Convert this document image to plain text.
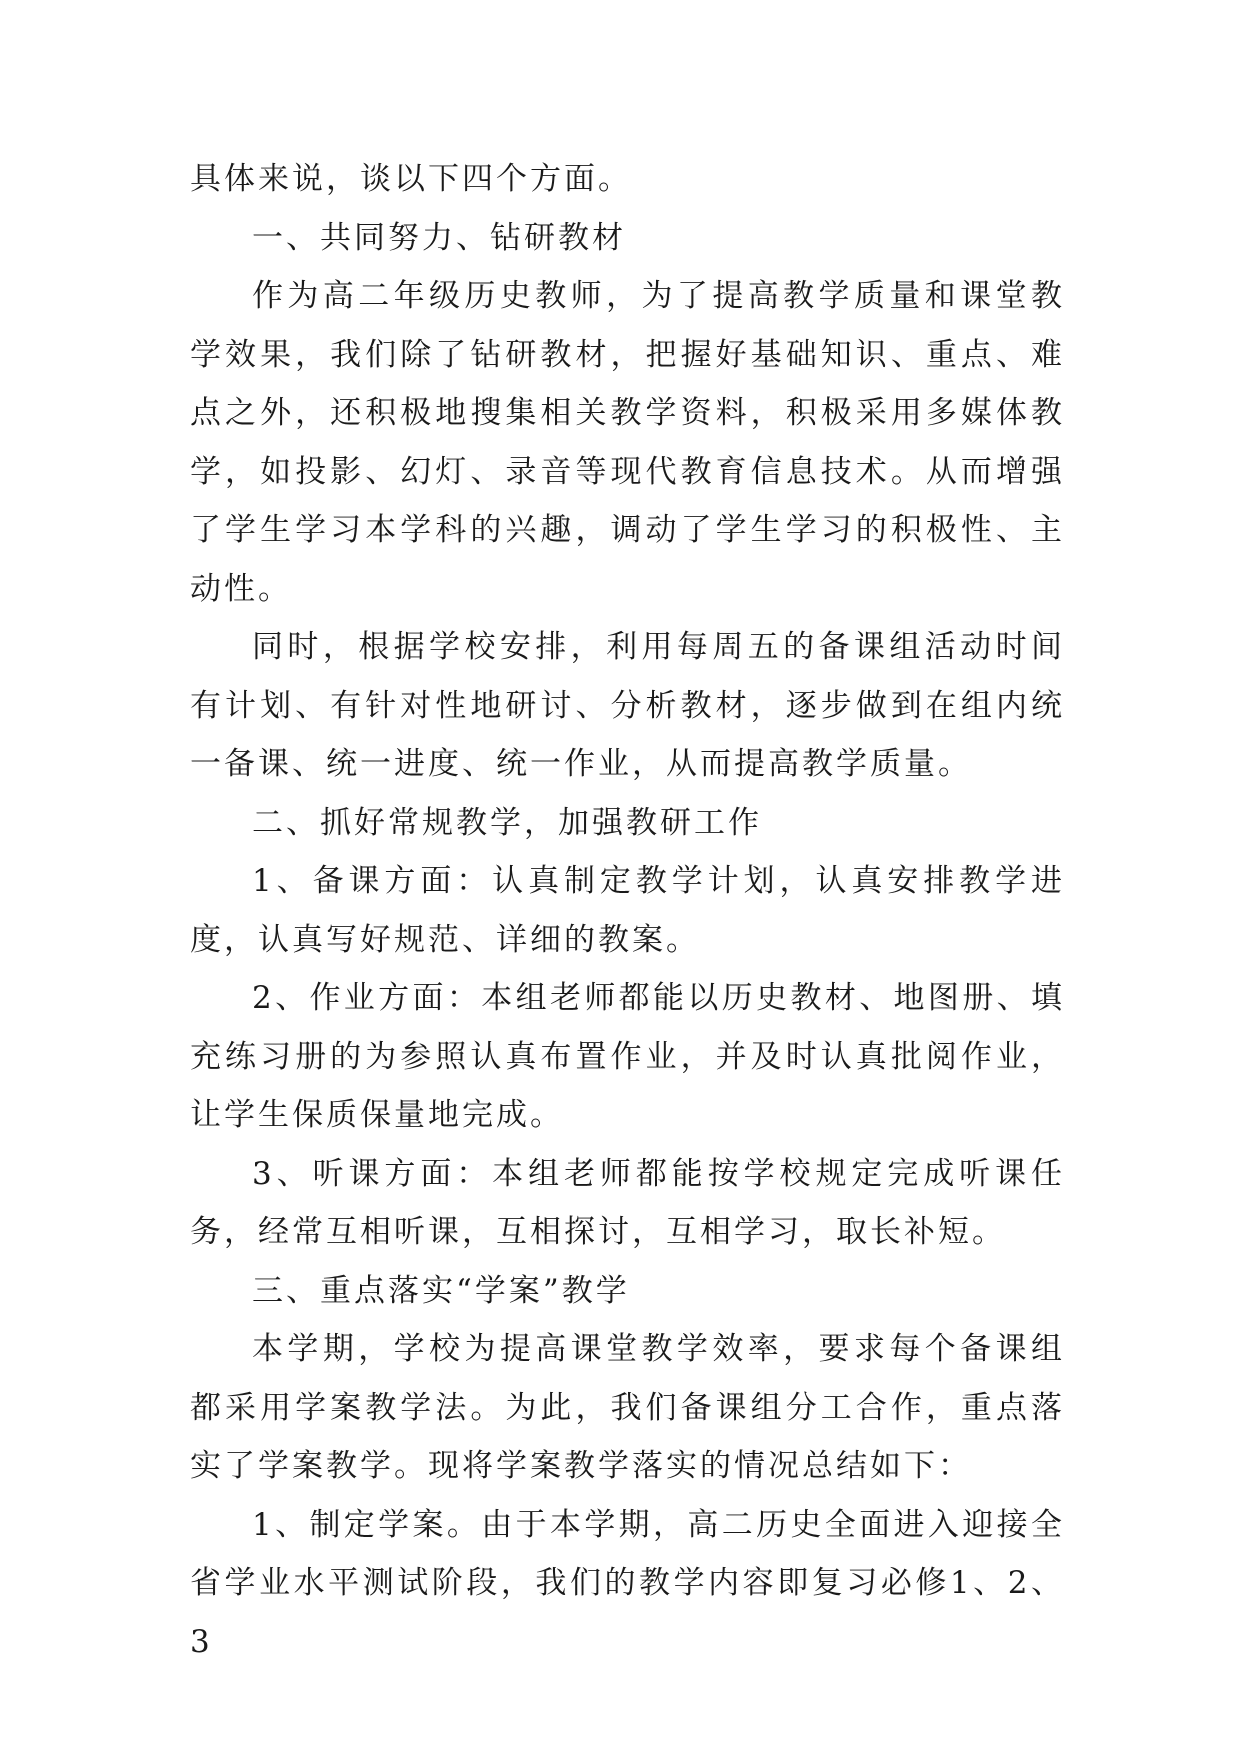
具体来说，谈以下四个方面。

一、共同努力、钻研教材

作为高二年级历史教师，为了提高教学质量和课堂教学效果，我们除了钻研教材，把握好基础知识、重点、难点之外，还积极地搜集相关教学资料，积极采用多媒体教学，如投影、幻灯、录音等现代教育信息技术。从而增强了学生学习本学科的兴趣，调动了学生学习的积极性、主动性。

同时，根据学校安排，利用每周五的备课组活动时间有计划、有针对性地研讨、分析教材，逐步做到在组内统一备课、统一进度、统一作业，从而提高教学质量。

二、抓好常规教学，加强教研工作

1、备课方面：认真制定教学计划，认真安排教学进度，认真写好规范、详细的教案。

2、作业方面：本组老师都能以历史教材、地图册、填充练习册的为参照认真布置作业，并及时认真批阅作业，让学生保质保量地完成。

3、听课方面：本组老师都能按学校规定完成听课任务，经常互相听课，互相探讨，互相学习，取长补短。

三、重点落实“学案”教学

本学期，学校为提高课堂教学效率，要求每个备课组都采用学案教学法。为此，我们备课组分工合作，重点落实了学案教学。现将学案教学落实的情况总结如下：

1、制定学案。由于本学期，高二历史全面进入迎接全省学业水平测试阶段，我们的教学内容即复习必修1、2、3
